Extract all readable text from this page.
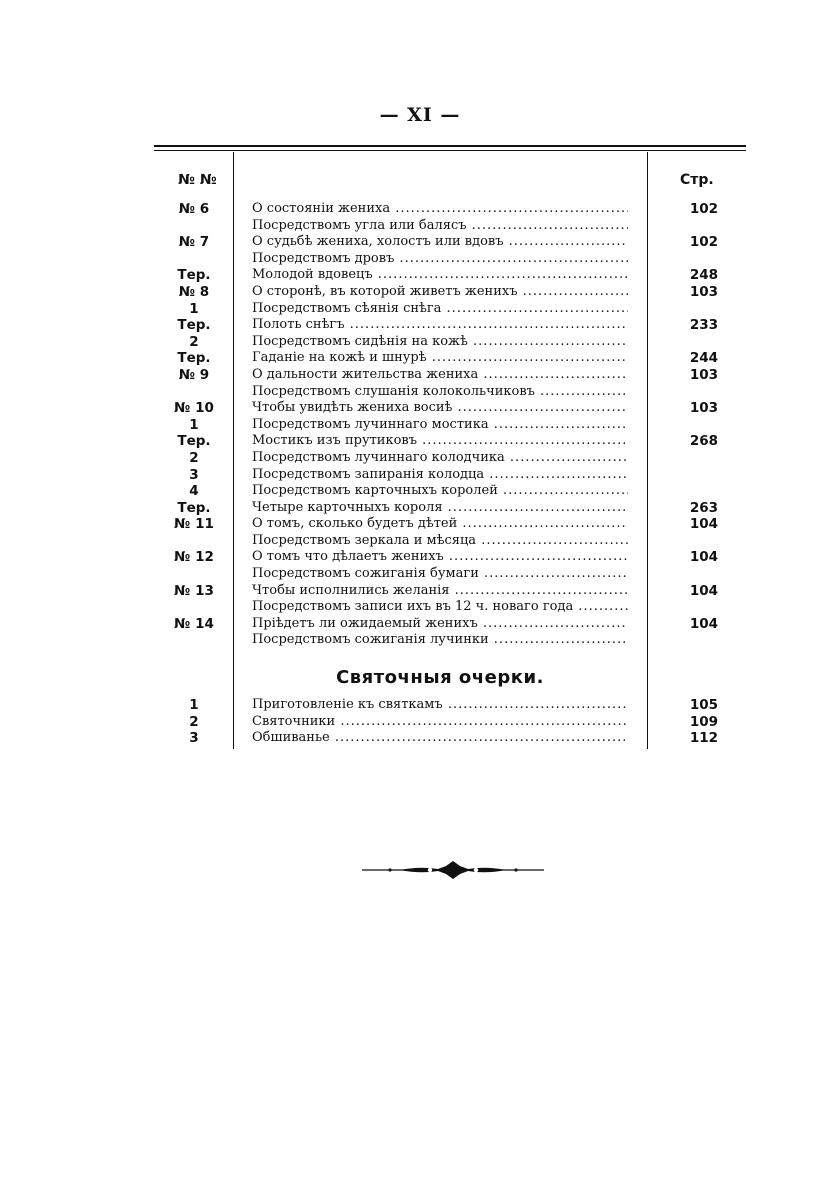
— XI —
№ №	Стр.
№ 6	О состояніи жениха .....	102
Посредствомъ угла или балясъ .....
№ 7	О судьбѣ жениха, холостъ или вдовъ .....	102
Посредствомъ дровъ .....
Тер.	Молодой вдовецъ .....	248
№ 8	О сторонѣ, въ которой живетъ женихъ .....	103
1	Посредствомъ сѣянія снѣга .....
Тер.	Полоть снѣгъ .....	233
2	Посредствомъ сидѣнія на кожѣ .....
Тер.	Гаданіе на кожѣ и шнурѣ .....	244
№ 9	О дальности жительства жениха .....	103
Посредствомъ слушанія колокольчиковъ .....
№ 10	Чтобы увидѣть жениха восиѣ .....	103
1	Посредствомъ лучиннаго мостика .....
Тер.	Мостикъ изъ прутиковъ .....	268
2	Посредствомъ лучиннаго колодчика .....
3	Посредствомъ запиранія колодца .....
4	Посредствомъ карточныхъ королей .....
Тер.	Четыре карточныхъ короля .....	263
№ 11	О томъ, сколько будетъ дѣтей .....	104
Посредствомъ зеркала и мѣсяца .....
№ 12	О томъ что дѣлаетъ женихъ .....	104
Посредствомъ сожиганія бумаги .....
№ 13	Чтобы исполнились желанія .....	104
Посредствомъ записи ихъ въ 12 ч. новаго года .....
№ 14	Пріѣдетъ ли ожидаемый женихъ .....	104
Посредствомъ сожиганія лучинки .....
Святочныя очерки.
1	Приготовленіе къ святкамъ .....	105
2	Святочники .....	109
3	Обшиванье .....	112
